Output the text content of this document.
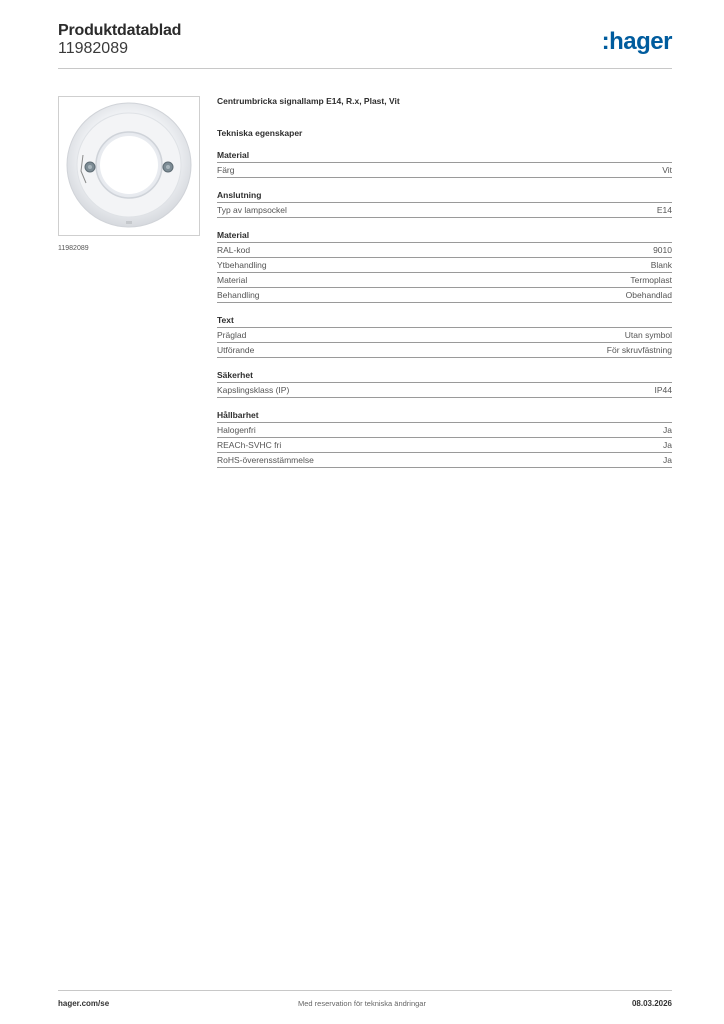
Produktdatablad
11982089	:hager
11982089
Centrumbricka signallamp E14, R.x, Plast, Vit
Tekniska egenskaper
Material
Färg	Vit
Anslutning
Typ av lampsockel	E14
Material
RAL-kod	9010
Ytbehandling	Blank
Material	Termoplast
Behandling	Obehandlad
Text
Präglad	Utan symbol
Utförande	För skruvfästning
Säkerhet
Kapslingsklass (IP)	IP44
Hållbarhet
Halogenfri	Ja
REACh-SVHC fri	Ja
RoHS-överensstämmelse	Ja
hager.com/se	Med reservation för tekniska ändringar	08.03.2026
